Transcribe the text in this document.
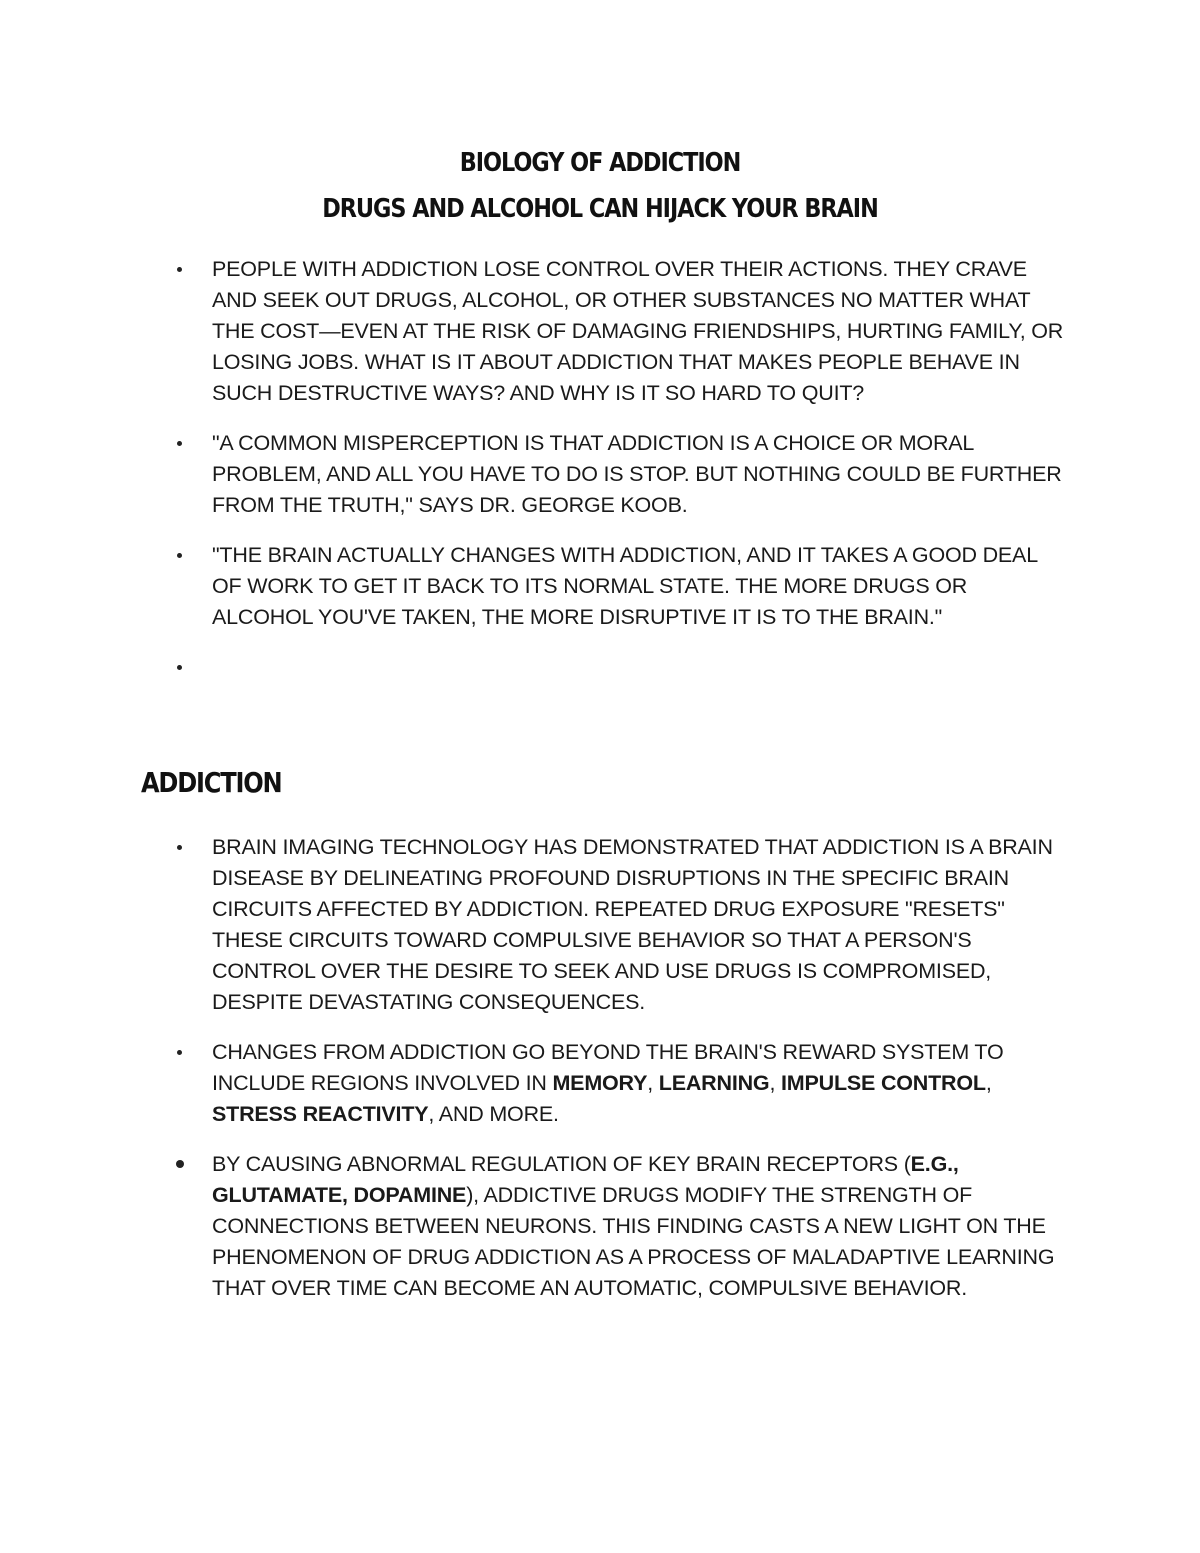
BIOLOGY OF ADDICTION
DRUGS AND ALCOHOL CAN HIJACK YOUR BRAIN
PEOPLE WITH ADDICTION LOSE CONTROL OVER THEIR ACTIONS. THEY CRAVE AND SEEK OUT DRUGS, ALCOHOL, OR OTHER SUBSTANCES NO MATTER WHAT THE COST—EVEN AT THE RISK OF DAMAGING FRIENDSHIPS, HURTING FAMILY, OR LOSING JOBS. WHAT IS IT ABOUT ADDICTION THAT MAKES PEOPLE BEHAVE IN SUCH DESTRUCTIVE WAYS? AND WHY IS IT SO HARD TO QUIT?
"A COMMON MISPERCEPTION IS THAT ADDICTION IS A CHOICE OR MORAL PROBLEM, AND ALL YOU HAVE TO DO IS STOP. BUT NOTHING COULD BE FURTHER FROM THE TRUTH," SAYS DR. GEORGE KOOB.
"THE BRAIN ACTUALLY CHANGES WITH ADDICTION, AND IT TAKES A GOOD DEAL OF WORK TO GET IT BACK TO ITS NORMAL STATE. THE MORE DRUGS OR ALCOHOL YOU'VE TAKEN, THE MORE DISRUPTIVE IT IS TO THE BRAIN."
ADDICTION
BRAIN IMAGING TECHNOLOGY HAS DEMONSTRATED THAT ADDICTION IS A BRAIN DISEASE BY DELINEATING PROFOUND DISRUPTIONS IN THE SPECIFIC BRAIN CIRCUITS AFFECTED BY ADDICTION. REPEATED DRUG EXPOSURE "RESETS" THESE CIRCUITS TOWARD COMPULSIVE BEHAVIOR SO THAT A PERSON'S CONTROL OVER THE DESIRE TO SEEK AND USE DRUGS IS COMPROMISED, DESPITE DEVASTATING CONSEQUENCES.
CHANGES FROM ADDICTION GO BEYOND THE BRAIN'S REWARD SYSTEM TO INCLUDE REGIONS INVOLVED IN MEMORY, LEARNING, IMPULSE CONTROL, STRESS REACTIVITY, AND MORE.
BY CAUSING ABNORMAL REGULATION OF KEY BRAIN RECEPTORS (E.G., GLUTAMATE, DOPAMINE), ADDICTIVE DRUGS MODIFY THE STRENGTH OF CONNECTIONS BETWEEN NEURONS. THIS FINDING CASTS A NEW LIGHT ON THE PHENOMENON OF DRUG ADDICTION AS A PROCESS OF MALADAPTIVE LEARNING THAT OVER TIME CAN BECOME AN AUTOMATIC, COMPULSIVE BEHAVIOR.
